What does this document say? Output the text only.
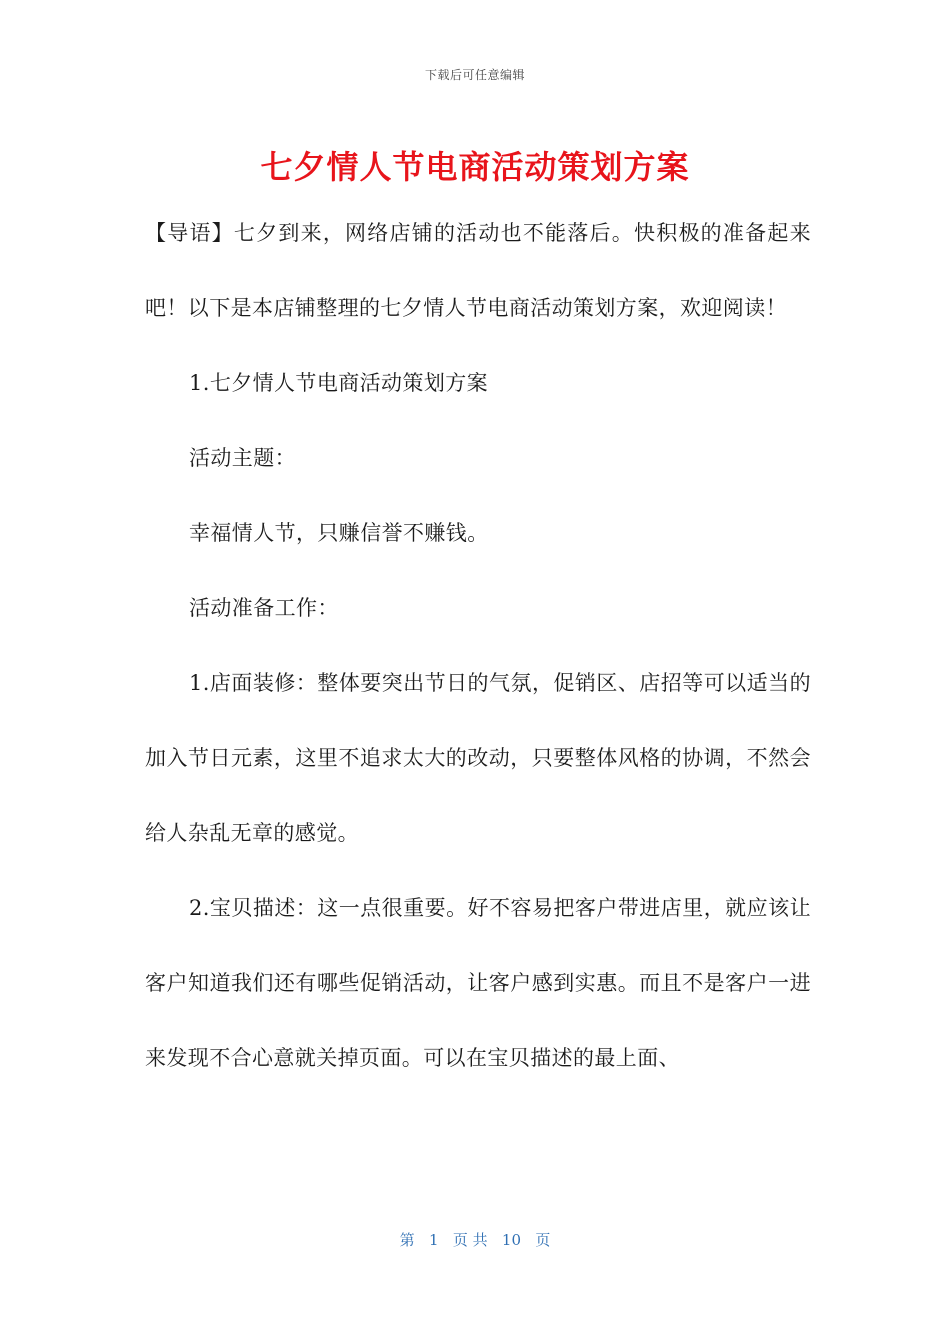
下载后可任意编辑
七夕情人节电商活动策划方案

【导语】七夕到来，网络店铺的活动也不能落后。快积极的准备起来吧！以下是本店铺整理的七夕情人节电商活动策划方案，欢迎阅读！

1.七夕情人节电商活动策划方案

活动主题：

幸福情人节，只赚信誉不赚钱。

活动准备工作：

1.店面装修：整体要突出节日的气氛，促销区、店招等可以适当的加入节日元素，这里不追求太大的改动，只要整体风格的协调，不然会给人杂乱无章的感觉。

2.宝贝描述：这一点很重要。好不容易把客户带进店里，就应该让客户知道我们还有哪些促销活动，让客户感到实惠。而且不是客户一进来发现不合心意就关掉页面。可以在宝贝描述的最上面、

第 1 页 共 10 页
